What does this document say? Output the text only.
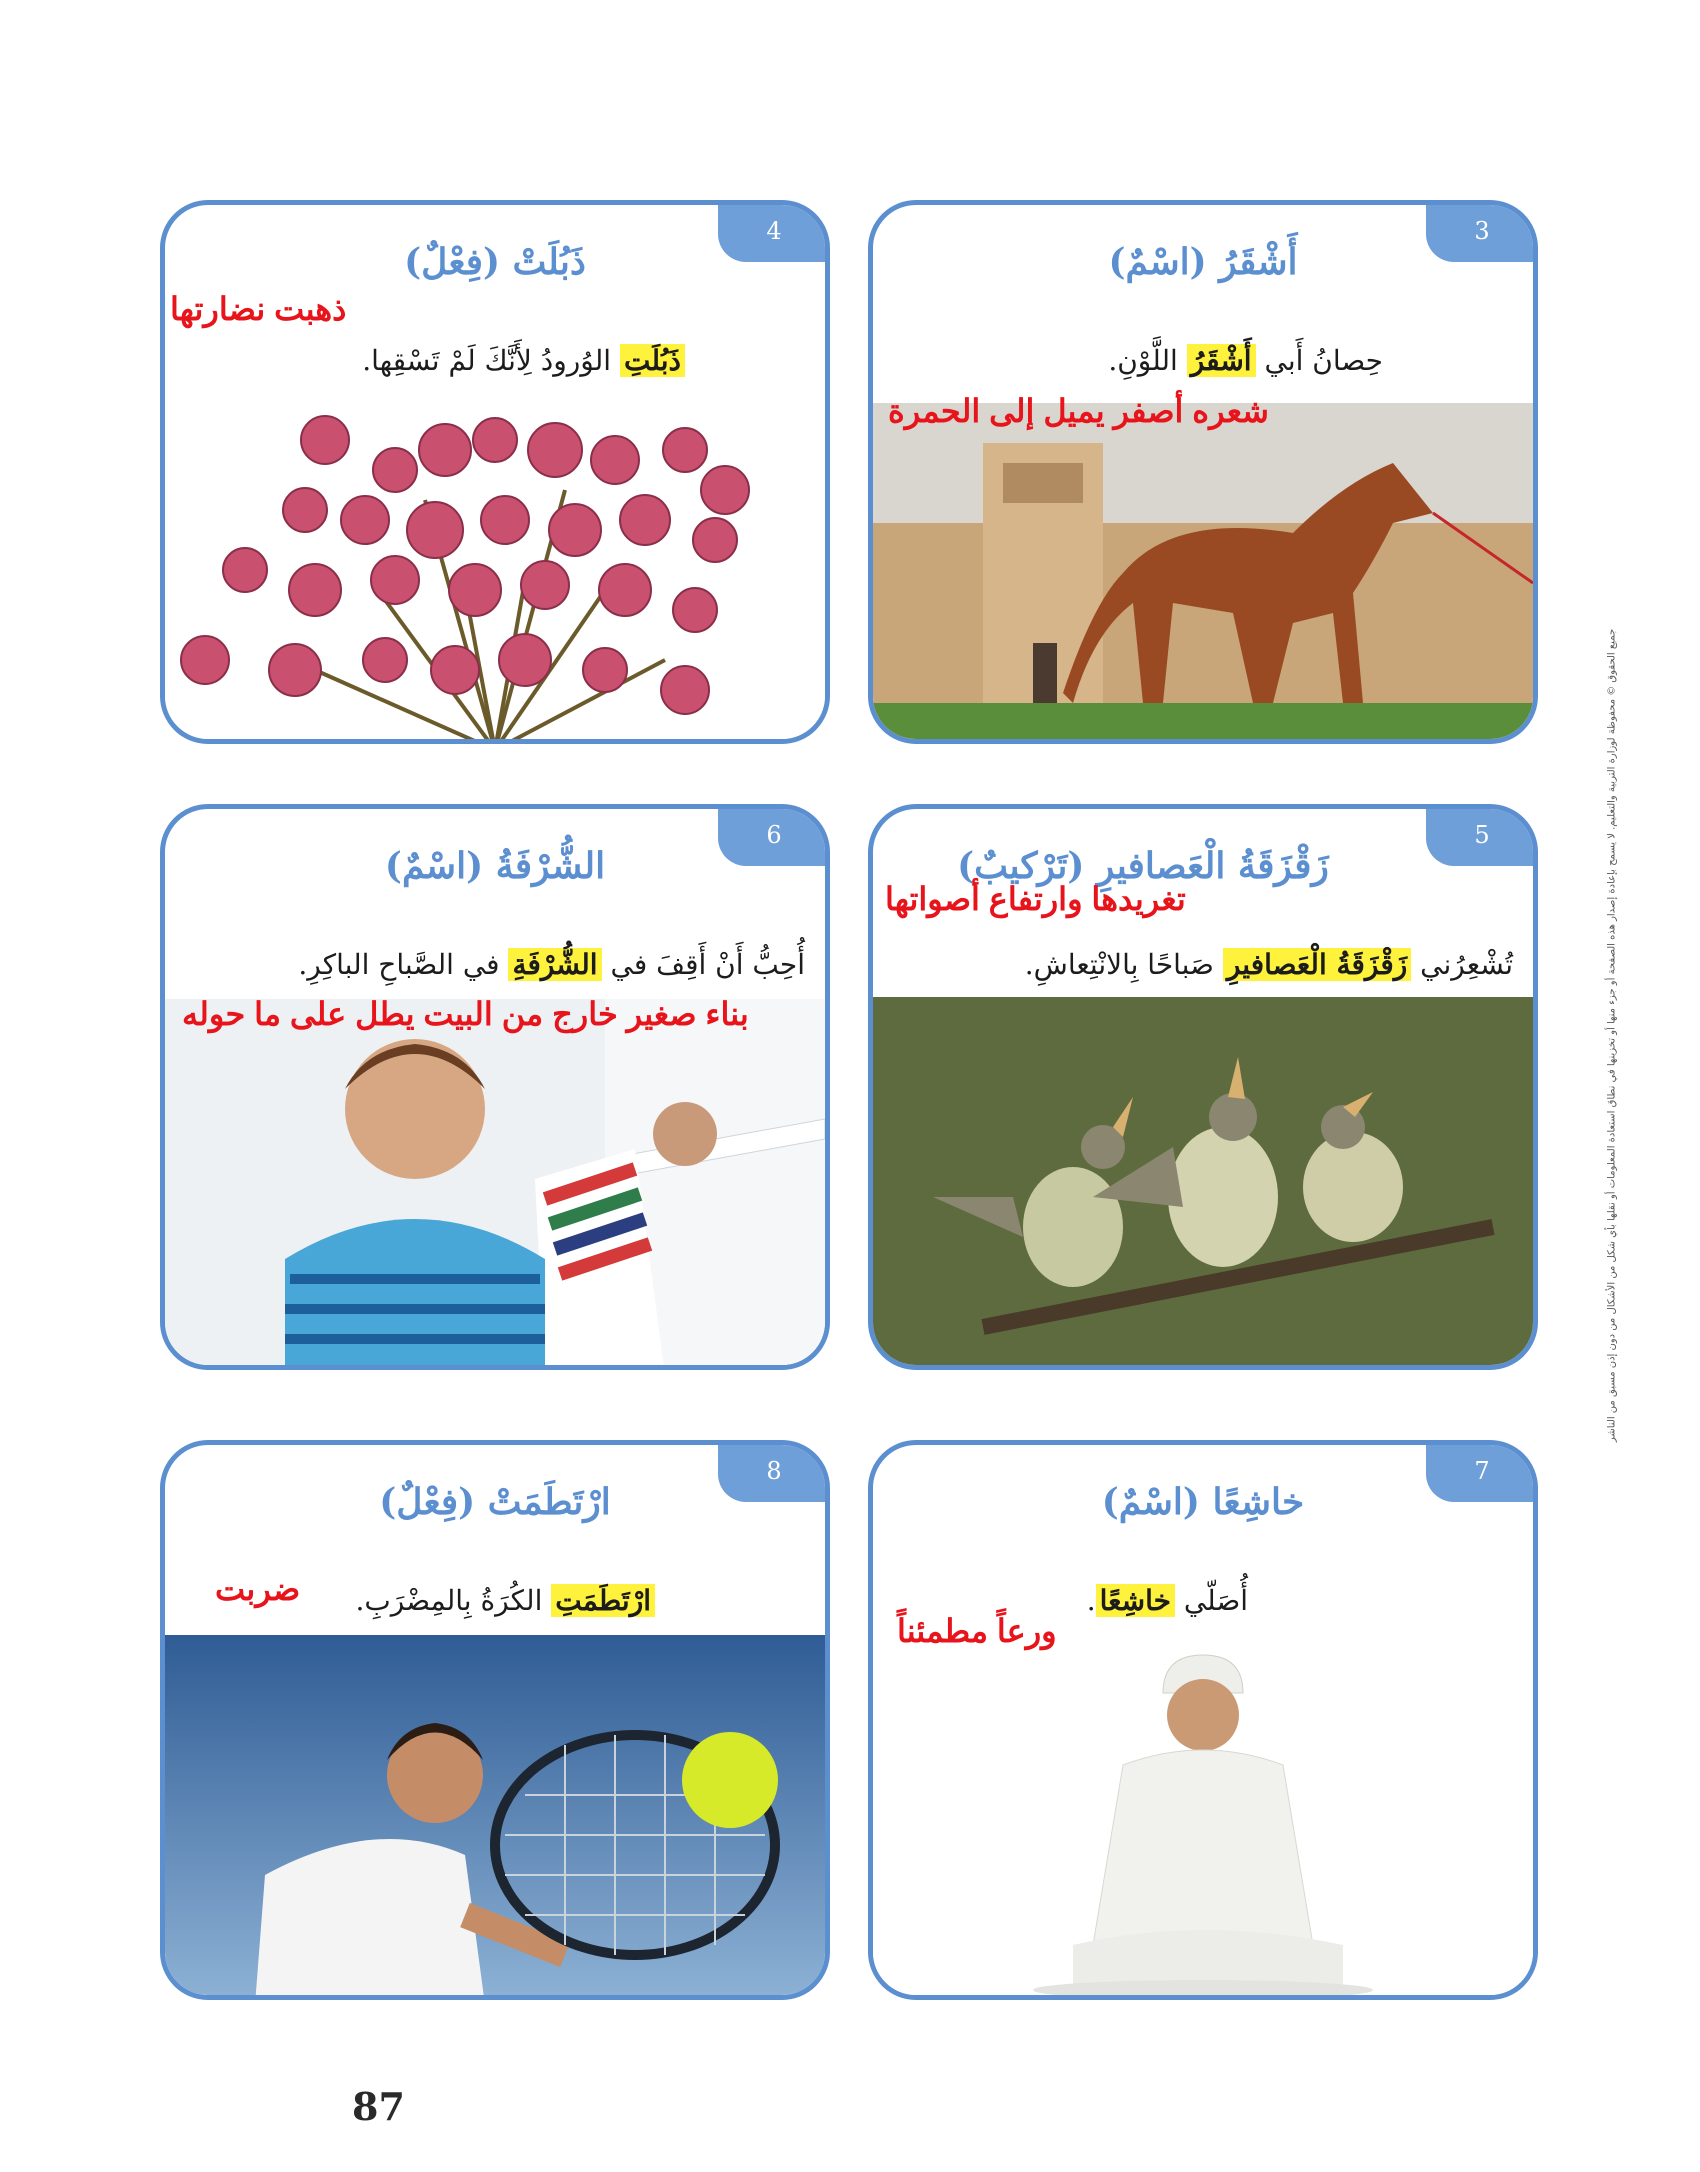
4
ذَبُلَتْ (فِعْلٌ)
ذَبُلَتِ الوُرودُ لِأَنَّكَ لَمْ تَسْقِها.
ذهبت نضارتها
3
أَشْقَرُ (اسْمٌ)
حِصانُ أَبي أَشْقَرُ اللَّوْنِ.
شعره أصفر يميل إلى الحمرة
6
الشُّرْفَةُ (اسْمٌ)
أُحِبُّ أَنْ أَقِفَ في الشُّرْفَةِ في الصَّباحِ الباكِرِ.
بناء صغير خارج من البيت يطل على ما حوله
5
زَقْزَقَةُ الْعَصافيرِ (تَرْكيبٌ)
تُشْعِرُني زَقْزَقَةُ الْعَصافيرِ صَباحًا بِالانْتِعاشِ.
تغريدها وارتفاع أصواتها
8
ارْتَطَمَتْ (فِعْلٌ)
ارْتَطَمَتِ الكُرَةُ بِالمِضْرَبِ.
ضربت
7
خاشِعًا (اسْمٌ)
أُصَلّي خاشِعًا.
ورعاً مطمئناً
جميع الحقوق © محفوظة لوزارة التربية والتعليم. لا يسمح بإعادة إصدار هذه الصفحة أو جزء منها أو تخزينها في نطاق استعادة المعلومات أو نقلها بأي شكل من الأشكال من دون إذن مسبق من الناشر
87
